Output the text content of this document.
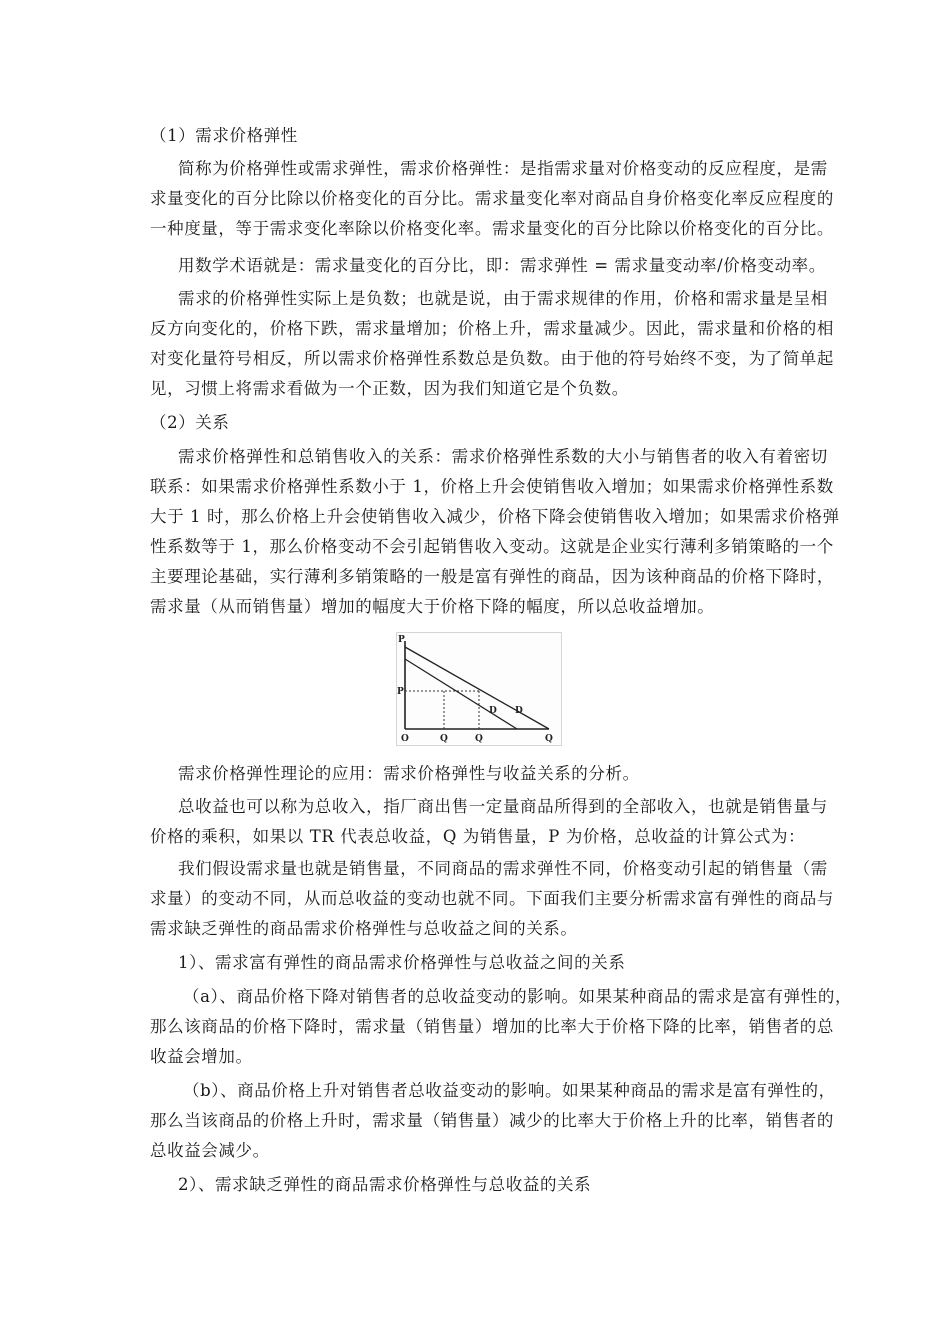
（1）需求价格弹性
简称为价格弹性或需求弹性，需求价格弹性：是指需求量对价格变动的反应程度，是需
求量变化的百分比除以价格变化的百分比。需求量变化率对商品自身价格变化率反应程度的
一种度量，等于需求变化率除以价格变化率。需求量变化的百分比除以价格变化的百分比。
用数学术语就是：需求量变化的百分比，即：需求弹性 = 需求量变动率/价格变动率。
需求的价格弹性实际上是负数；也就是说，由于需求规律的作用，价格和需求量是呈相
反方向变化的，价格下跌，需求量增加；价格上升，需求量减少。因此，需求量和价格的相
对变化量符号相反，所以需求价格弹性系数总是负数。由于他的符号始终不变，为了简单起
见，习惯上将需求看做为一个正数，因为我们知道它是个负数。
（2）关系
需求价格弹性和总销售收入的关系：需求价格弹性系数的大小与销售者的收入有着密切
联系：如果需求价格弹性系数小于 1，价格上升会使销售收入增加；如果需求价格弹性系数
大于 1 时，那么价格上升会使销售收入减少，价格下降会使销售收入增加；如果需求价格弹
性系数等于 1，那么价格变动不会引起销售收入变动。这就是企业实行薄利多销策略的一个
主要理论基础，实行薄利多销策略的一般是富有弹性的商品，因为该种商品的价格下降时，
需求量（从而销售量）增加的幅度大于价格下降的幅度，所以总收益增加。
需求价格弹性理论的应用：需求价格弹性与收益关系的分析。
总收益也可以称为总收入，指厂商出售一定量商品所得到的全部收入，也就是销售量与
价格的乘积，如果以 TR 代表总收益，Q 为销售量，P 为价格，总收益的计算公式为：
我们假设需求量也就是销售量，不同商品的需求弹性不同，价格变动引起的销售量（需
求量）的变动不同，从而总收益的变动也就不同。下面我们主要分析需求富有弹性的商品与
需求缺乏弹性的商品需求价格弹性与总收益之间的关系。
1）、需求富有弹性的商品需求价格弹性与总收益之间的关系
（a）、商品价格下降对销售者的总收益变动的影响。如果某种商品的需求是富有弹性的，
那么该商品的价格下降时，需求量（销售量）增加的比率大于价格下降的比率，销售者的总
收益会增加。
（b）、商品价格上升对销售者总收益变动的影响。如果某种商品的需求是富有弹性的，
那么当该商品的价格上升时，需求量（销售量）减少的比率大于价格上升的比率，销售者的
总收益会减少。
2）、需求缺乏弹性的商品需求价格弹性与总收益的关系
P
P
O	Q	Q	Q
D D
